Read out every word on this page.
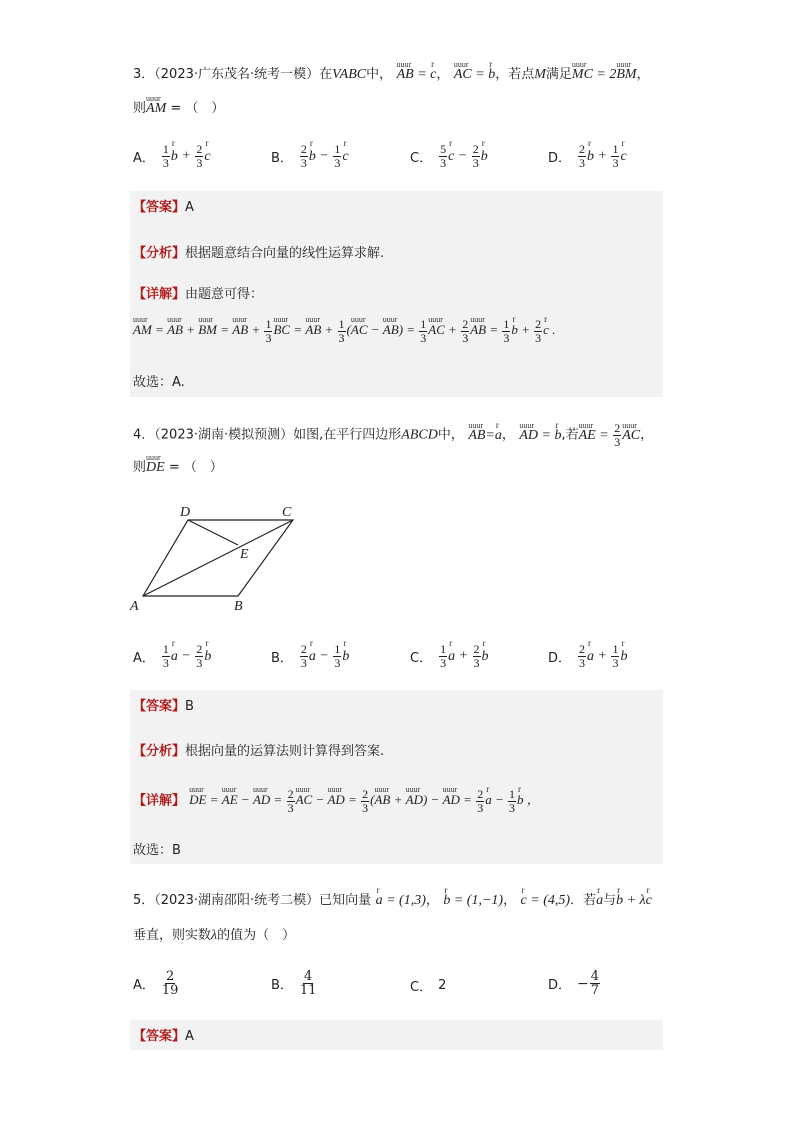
3．（2023·广东茂名·统考一模）在VABC中， uuur AB = r c， uuur AC = r b，若点M满足uuur MC = 2uuur BM，
则uuur AM = （　）
A． $\frac{1}{3}$ r $b + \frac{2}{3}$ r c	B． $\frac{2}{3}$ r $b - \frac{1}{3}$ r c	C． $\frac{5}{3}$ r $c - \frac{2}{3}$ r b	D． $\frac{2}{3}$ r $b + \frac{1}{3}$ r c
【答案】A
【分析】根据题意结合向量的线性运算求解.
【详解】由题意可得：
uuur AM = uuur AB + uuur BM = uuur AB + $\frac{1}{3}$ uuur BC = uuur AB + $\frac{1}{3}$ (uuur AC − uuur $AB) = \frac{1}{3}$ uuur AC + $\frac{2}{3}$ uuur AB = $\frac{1}{3}$ r $b + \frac{2}{3}$ r c .
故选：A.
4．（2023·湖南·模拟预测）如图,在平行四边形ABCD中， uuur AB=r a， uuur AD = r b,若uuur AE = $\frac{2}{3}$ uuur AC，
则uuur DE = （　）
A	B
C
D
E
A． $\frac{1}{3}$ r $a - \frac{2}{3}$ r b	B． $\frac{2}{3}$ r $a - \frac{1}{3}$ r b	C． $\frac{1}{3}$ r $a + \frac{2}{3}$ r b	D． $\frac{2}{3}$ r $a + \frac{1}{3}$ r b
【答案】B
【分析】根据向量的运算法则计算得到答案.
【详解】 uuur DE = uuur AE − uuur AD = $\frac{2}{3}$ uuur AC − uuur AD = $\frac{2}{3}$ (uuur AB + uuur AD) − uuur AD = $\frac{2}{3}$ r $a - \frac{1}{3}$ r b ，
故选：B
5．（2023·湖南邵阳·统考二模）已知向量 r a = (1,3)， r b = (1,−1)， r c = (4,5)．若r a与r b + λr c
垂直，则实数λ的值为（　）
A． $\frac{2}{19}$	B． $\frac{4}{11}$	C． 2	D． − $\frac{4}{7}$
【答案】A
